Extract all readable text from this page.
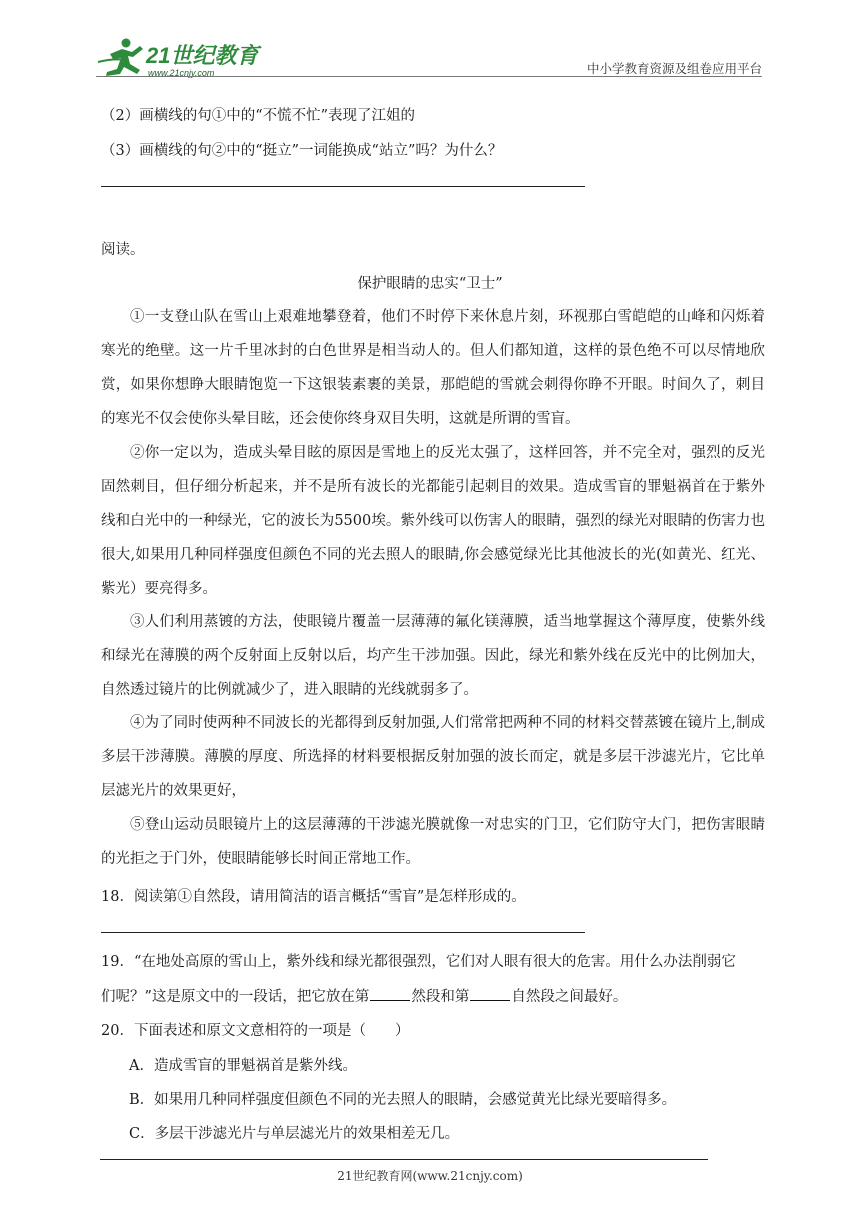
21世纪教育
www.21cnjy.com	中小学教育资源及组卷应用平台
（2）画横线的句①中的“不慌不忙”表现了江姐的
（3）画横线的句②中的“挺立”一词能换成“站立”吗？为什么？
阅读。
保护眼睛的忠实“卫士”
①一支登山队在雪山上艰难地攀登着，他们不时停下来休息片刻，环视那白雪皑皑的山峰和闪烁着寒光的绝壁。这一片千里冰封的白色世界是相当动人的。但人们都知道，这样的景色绝不可以尽情地欣赏，如果你想睁大眼睛饱览一下这银装素裹的美景，那皑皑的雪就会刺得你睁不开眼。时间久了，刺目的寒光不仅会使你头晕目眩，还会使你终身双目失明，这就是所谓的雪盲。
②你一定以为，造成头晕目眩的原因是雪地上的反光太强了，这样回答，并不完全对，强烈的反光固然刺目，但仔细分析起来，并不是所有波长的光都能引起刺目的效果。造成雪盲的罪魁祸首在于紫外线和白光中的一种绿光，它的波长为5500埃。紫外线可以伤害人的眼睛，强烈的绿光对眼睛的伤害力也很大,如果用几种同样强度但颜色不同的光去照人的眼睛,你会感觉绿光比其他波长的光(如黄光、红光、紫光）要亮得多。
③人们利用蒸镀的方法，使眼镜片覆盖一层薄薄的氟化镁薄膜，适当地掌握这个薄厚度，使紫外线和绿光在薄膜的两个反射面上反射以后，均产生干涉加强。因此，绿光和紫外线在反光中的比例加大，自然透过镜片的比例就减少了，进入眼睛的光线就弱多了。
④为了同时使两种不同波长的光都得到反射加强,人们常常把两种不同的材料交替蒸镀在镜片上,制成多层干涉薄膜。薄膜的厚度、所选择的材料要根据反射加强的波长而定，就是多层干涉滤光片，它比单层滤光片的效果更好，
⑤登山运动员眼镜片上的这层薄薄的干涉滤光膜就像一对忠实的门卫，它们防守大门，把伤害眼睛的光拒之于门外，使眼睛能够长时间正常地工作。
18．阅读第①自然段，请用简洁的语言概括“雪盲”是怎样形成的。
19．“在地处高原的雪山上，紫外线和绿光都很强烈，它们对人眼有很大的危害。用什么办法削弱它
们呢？”这是原文中的一段话，把它放在第	然段和第	自然段之间最好。
20．下面表述和原文文意相符的一项是（　　）
A．造成雪盲的罪魁祸首是紫外线。
B．如果用几种同样强度但颜色不同的光去照人的眼睛，会感觉黄光比绿光要暗得多。
C．多层干涉滤光片与单层滤光片的效果相差无几。
21世纪教育网(www.21cnjy.com)
